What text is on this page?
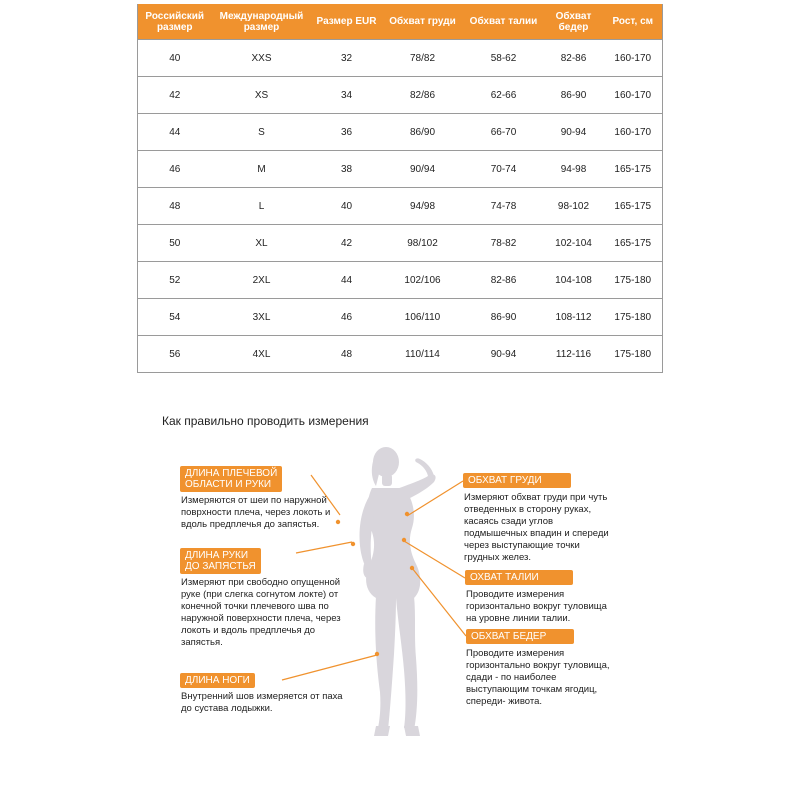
Российский размер	Международный размер	Размер EUR	Обхват груди	Обхват талии	Обхват бедер	Рост, см
40	XXS	32	78/82	58-62	82-86	160-170
42	XS	34	82/86	62-66	86-90	160-170
44	S	36	86/90	66-70	90-94	160-170
46	M	38	90/94	70-74	94-98	165-175
48	L	40	94/98	74-78	98-102	165-175
50	XL	42	98/102	78-82	102-104	165-175
52	2XL	44	102/106	82-86	104-108	175-180
54	3XL	46	106/110	86-90	108-112	175-180
56	4XL	48	110/114	90-94	112-116	175-180
Как правильно проводить измерения
ДЛИНА ПЛЕЧЕВОЙ
ОБЛАСТИ И РУКИ
Измеряются от шеи по наружной
повpхности плеча, через локоть и
вдоль предплечья до запястья.
ДЛИНА РУКИ
ДО ЗАПЯСТЬЯ
Измеряют при свободно опущенной
руке (при слегка согнутом локте) от
конечной точки плечевого шва по
наружной поверхности плеча, через
локоть и вдоль предплечья до
запястья.
ДЛИНА НОГИ
Внутренний шов измеряется от паха
до сустава лодыжки.
ОБХВАТ ГРУДИ
Измеряют обхват груди при чуть
отведенных в сторону руках,
касаясь сзади углов
подмышечных впадин и спереди
через выступающие точки
грудных желез.
ОХВАТ ТАЛИИ
Проводите измерения
горизонтально вокруг туловища
на уровне линии талии.
ОБХВАТ БЕДЕР
Проводите измерения
горизонтально вокруг туловища,
сдади - по наиболее
выступающим точкам ягодиц,
спереди- живота.
